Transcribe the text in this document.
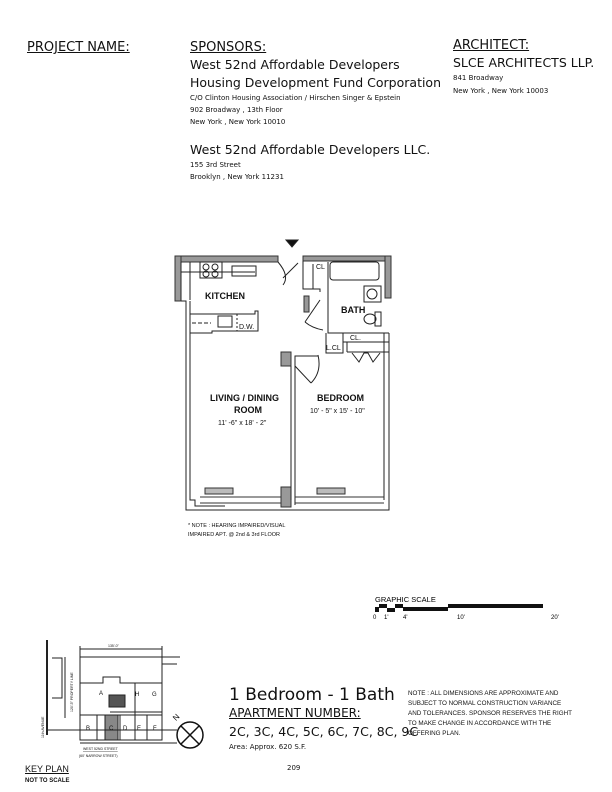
PROJECT NAME:	SPONSORS:
West 52nd Affordable Developers
Housing Development Fund Corporation
C/O Clinton Housing Association / Hirschen Singer & Epstein
902 Broadway , 13th Floor
New York , New York 10010
West 52nd Affordable Developers LLC.
155 3rd Street
Brooklyn , New York 11231
ARCHITECT:
SLCE ARCHITECTS LLP.
841 Broadway
New York , New York 10003
KITCHEN
BATH
LIVING / DINING
ROOM
BEDROOM
D.W.
CL
L.CL
CL.
11' -6" x 18' - 2"
10' - 5" x 15' - 10"
* NOTE : HEARING IMPAIRED/VISUAL
IMPAIRED APT. @ 2nd & 3rd FLOOR
GRAPHIC SCALE
0 1' 4'	10'	20'
A	H G
B	C D E F
135'-0"
120'-5" PROPERTY LINE
11th AVENUE
WEST 52ND STREET
(60' NARROW STREET)
N
KEY PLAN
NOT TO SCALE
1 Bedroom - 1 Bath
APARTMENT NUMBER:
2C, 3C, 4C, 5C, 6C, 7C, 8C, 9C
Area: Approx. 620 S.F.
NOTE : ALL DIMENSIONS ARE APPROXIMATE AND
SUBJECT TO NORMAL CONSTRUCTION VARIANCE
AND TOLERANCES. SPONSOR RESERVES THE RIGHT
TO MAKE CHANGE IN ACCORDANCE WITH THE
OFFERING PLAN.
209
